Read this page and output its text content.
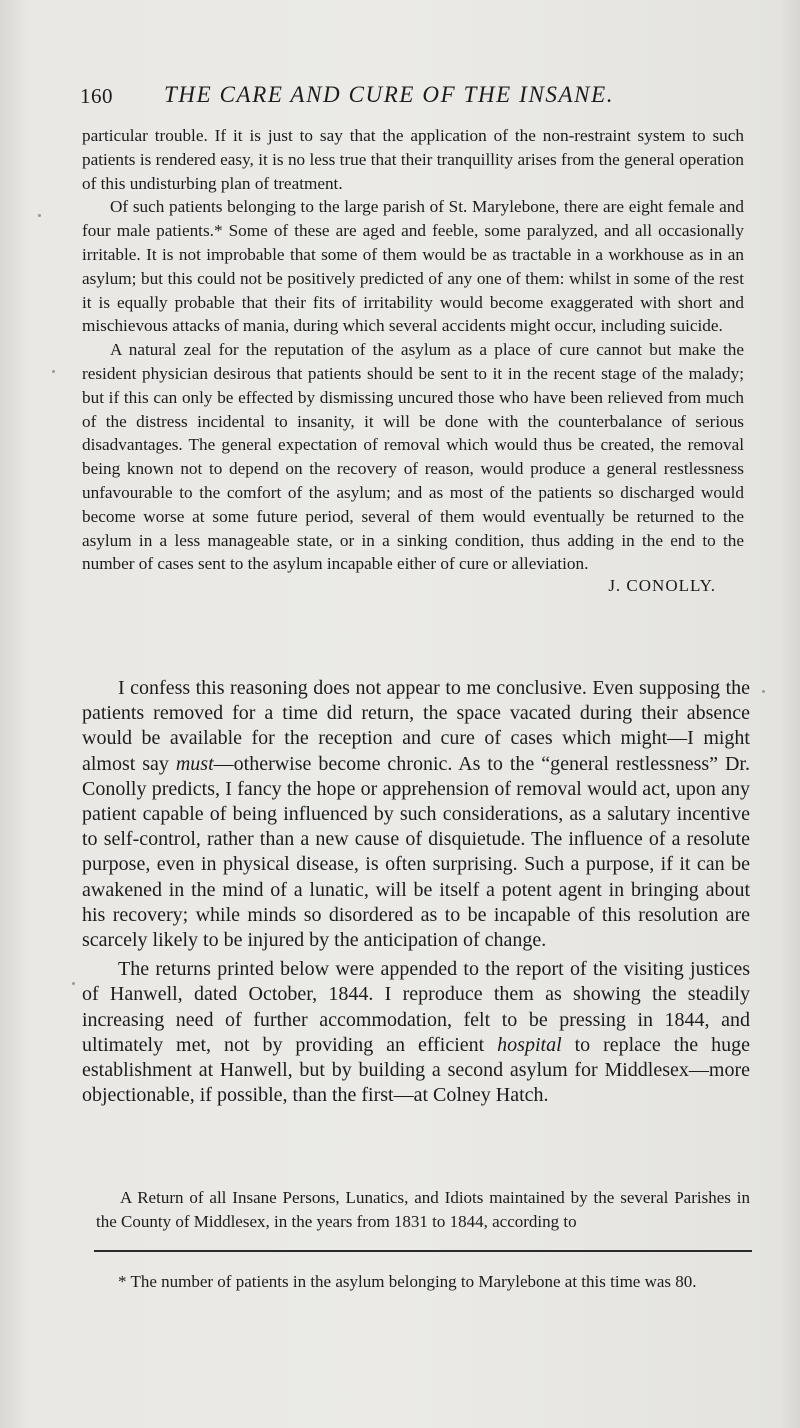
160 THE CARE AND CURE OF THE INSANE.

particular trouble. If it is just to say that the application of the non-restraint system to such patients is rendered easy, it is no less true that their tranquillity arises from the general operation of this undisturbing plan of treatment.

Of such patients belonging to the large parish of St. Marylebone, there are eight female and four male patients.* Some of these are aged and feeble, some paralyzed, and all occasionally irritable. It is not improbable that some of them would be as tractable in a workhouse as in an asylum; but this could not be positively predicted of any one of them: whilst in some of the rest it is equally probable that their fits of irritability would become exaggerated with short and mischievous attacks of mania, during which several accidents might occur, including suicide.

A natural zeal for the reputation of the asylum as a place of cure cannot but make the resident physician desirous that patients should be sent to it in the recent stage of the malady; but if this can only be effected by dismissing uncured those who have been relieved from much of the distress incidental to insanity, it will be done with the counterbalance of serious disadvantages. The general expectation of removal which would thus be created, the removal being known not to depend on the recovery of reason, would produce a general restlessness unfavourable to the comfort of the asylum; and as most of the patients so discharged would become worse at some future period, several of them would eventually be returned to the asylum in a less manageable state, or in a sinking condition, thus adding in the end to the number of cases sent to the asylum incapable either of cure or alleviation.

J. CONOLLY.

I confess this reasoning does not appear to me conclusive. Even supposing the patients removed for a time did return, the space vacated during their absence would be available for the reception and cure of cases which might—I might almost say must—otherwise become chronic. As to the “general restlessness” Dr. Conolly predicts, I fancy the hope or apprehension of removal would act, upon any patient capable of being influenced by such considerations, as a salutary incentive to self-control, rather than a new cause of disquietude. The influence of a resolute purpose, even in physical disease, is often surprising. Such a purpose, if it can be awakened in the mind of a lunatic, will be itself a potent agent in bringing about his recovery; while minds so disordered as to be incapable of this resolution are scarcely likely to be injured by the anticipation of change.

The returns printed below were appended to the report of the visiting justices of Hanwell, dated October, 1844. I reproduce them as showing the steadily increasing need of further accommodation, felt to be pressing in 1844, and ultimately met, not by providing an efficient hospital to replace the huge establishment at Hanwell, but by building a second asylum for Middlesex—more objectionable, if possible, than the first—at Colney Hatch.

A Return of all Insane Persons, Lunatics, and Idiots maintained by the several Parishes in the County of Middlesex, in the years from 1831 to 1844, according to
* The number of patients in the asylum belonging to Marylebone at this time was 80.
